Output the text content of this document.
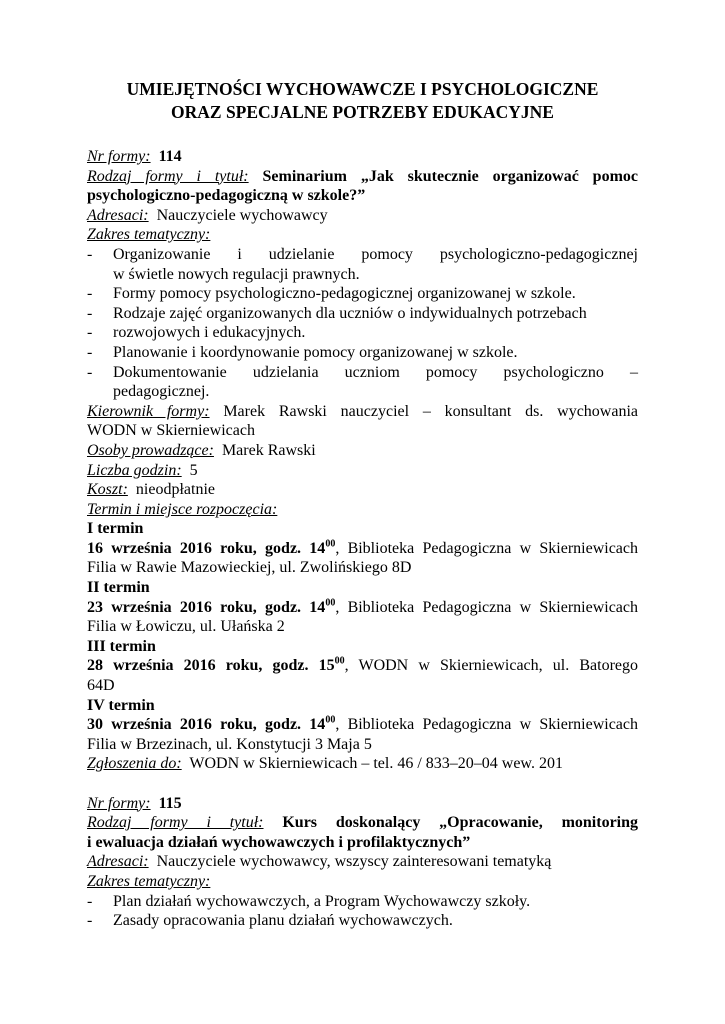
UMIEJĘTNOŚCI WYCHOWAWCZE I PSYCHOLOGICZNE
ORAZ SPECJALNE POTRZEBY EDUKACYJNE
Nr formy: 114
Rodzaj formy i tytuł: Seminarium „Jak skutecznie organizować pomoc
psychologiczno-pedagogiczną w szkole?”
Adresaci: Nauczyciele wychowawcy
Zakres tematyczny:
-	Organizowanie i udzielanie pomocy psychologiczno-pedagogicznej
w świetle nowych regulacji prawnych.
-	Formy pomocy psychologiczno-pedagogicznej organizowanej w szkole.
-	Rodzaje zajęć organizowanych dla uczniów o indywidualnych potrzebach
-	rozwojowych i edukacyjnych.
-	Planowanie i koordynowanie pomocy organizowanej w szkole.
-	Dokumentowanie udzielania uczniom pomocy psychologiczno –
pedagogicznej.
Kierownik formy: Marek Rawski nauczyciel – konsultant ds. wychowania
WODN w Skierniewicach
Osoby prowadzące: Marek Rawski
Liczba godzin: 5
Koszt: nieodpłatnie
Termin i miejsce rozpoczęcia:
I termin
16 września 2016 roku, godz. $14^{00}$, Biblioteka Pedagogiczna w Skierniewicach
Filia w Rawie Mazowieckiej, ul. Zwolińskiego 8D
II termin
23 września 2016 roku, godz. $14^{00}$, Biblioteka Pedagogiczna w Skierniewicach
Filia w Łowiczu, ul. Ułańska 2
III termin
28 września 2016 roku, godz. $15^{00}$, WODN w Skierniewicach, ul. Batorego
64D
IV termin
30 września 2016 roku, godz. $14^{00}$, Biblioteka Pedagogiczna w Skierniewicach
Filia w Brzezinach, ul. Konstytucji 3 Maja 5
Zgłoszenia do: WODN w Skierniewicach – tel. 46 / 833–20–04 wew. 201
Nr formy: 115
Rodzaj formy i tytuł: Kurs doskonalący „Opracowanie, monitoring
i ewaluacja działań wychowawczych i profilaktycznych”
Adresaci: Nauczyciele wychowawcy, wszyscy zainteresowani tematyką
Zakres tematyczny:
-	Plan działań wychowawczych, a Program Wychowawczy szkoły.
-	Zasady opracowania planu działań wychowawczych.
